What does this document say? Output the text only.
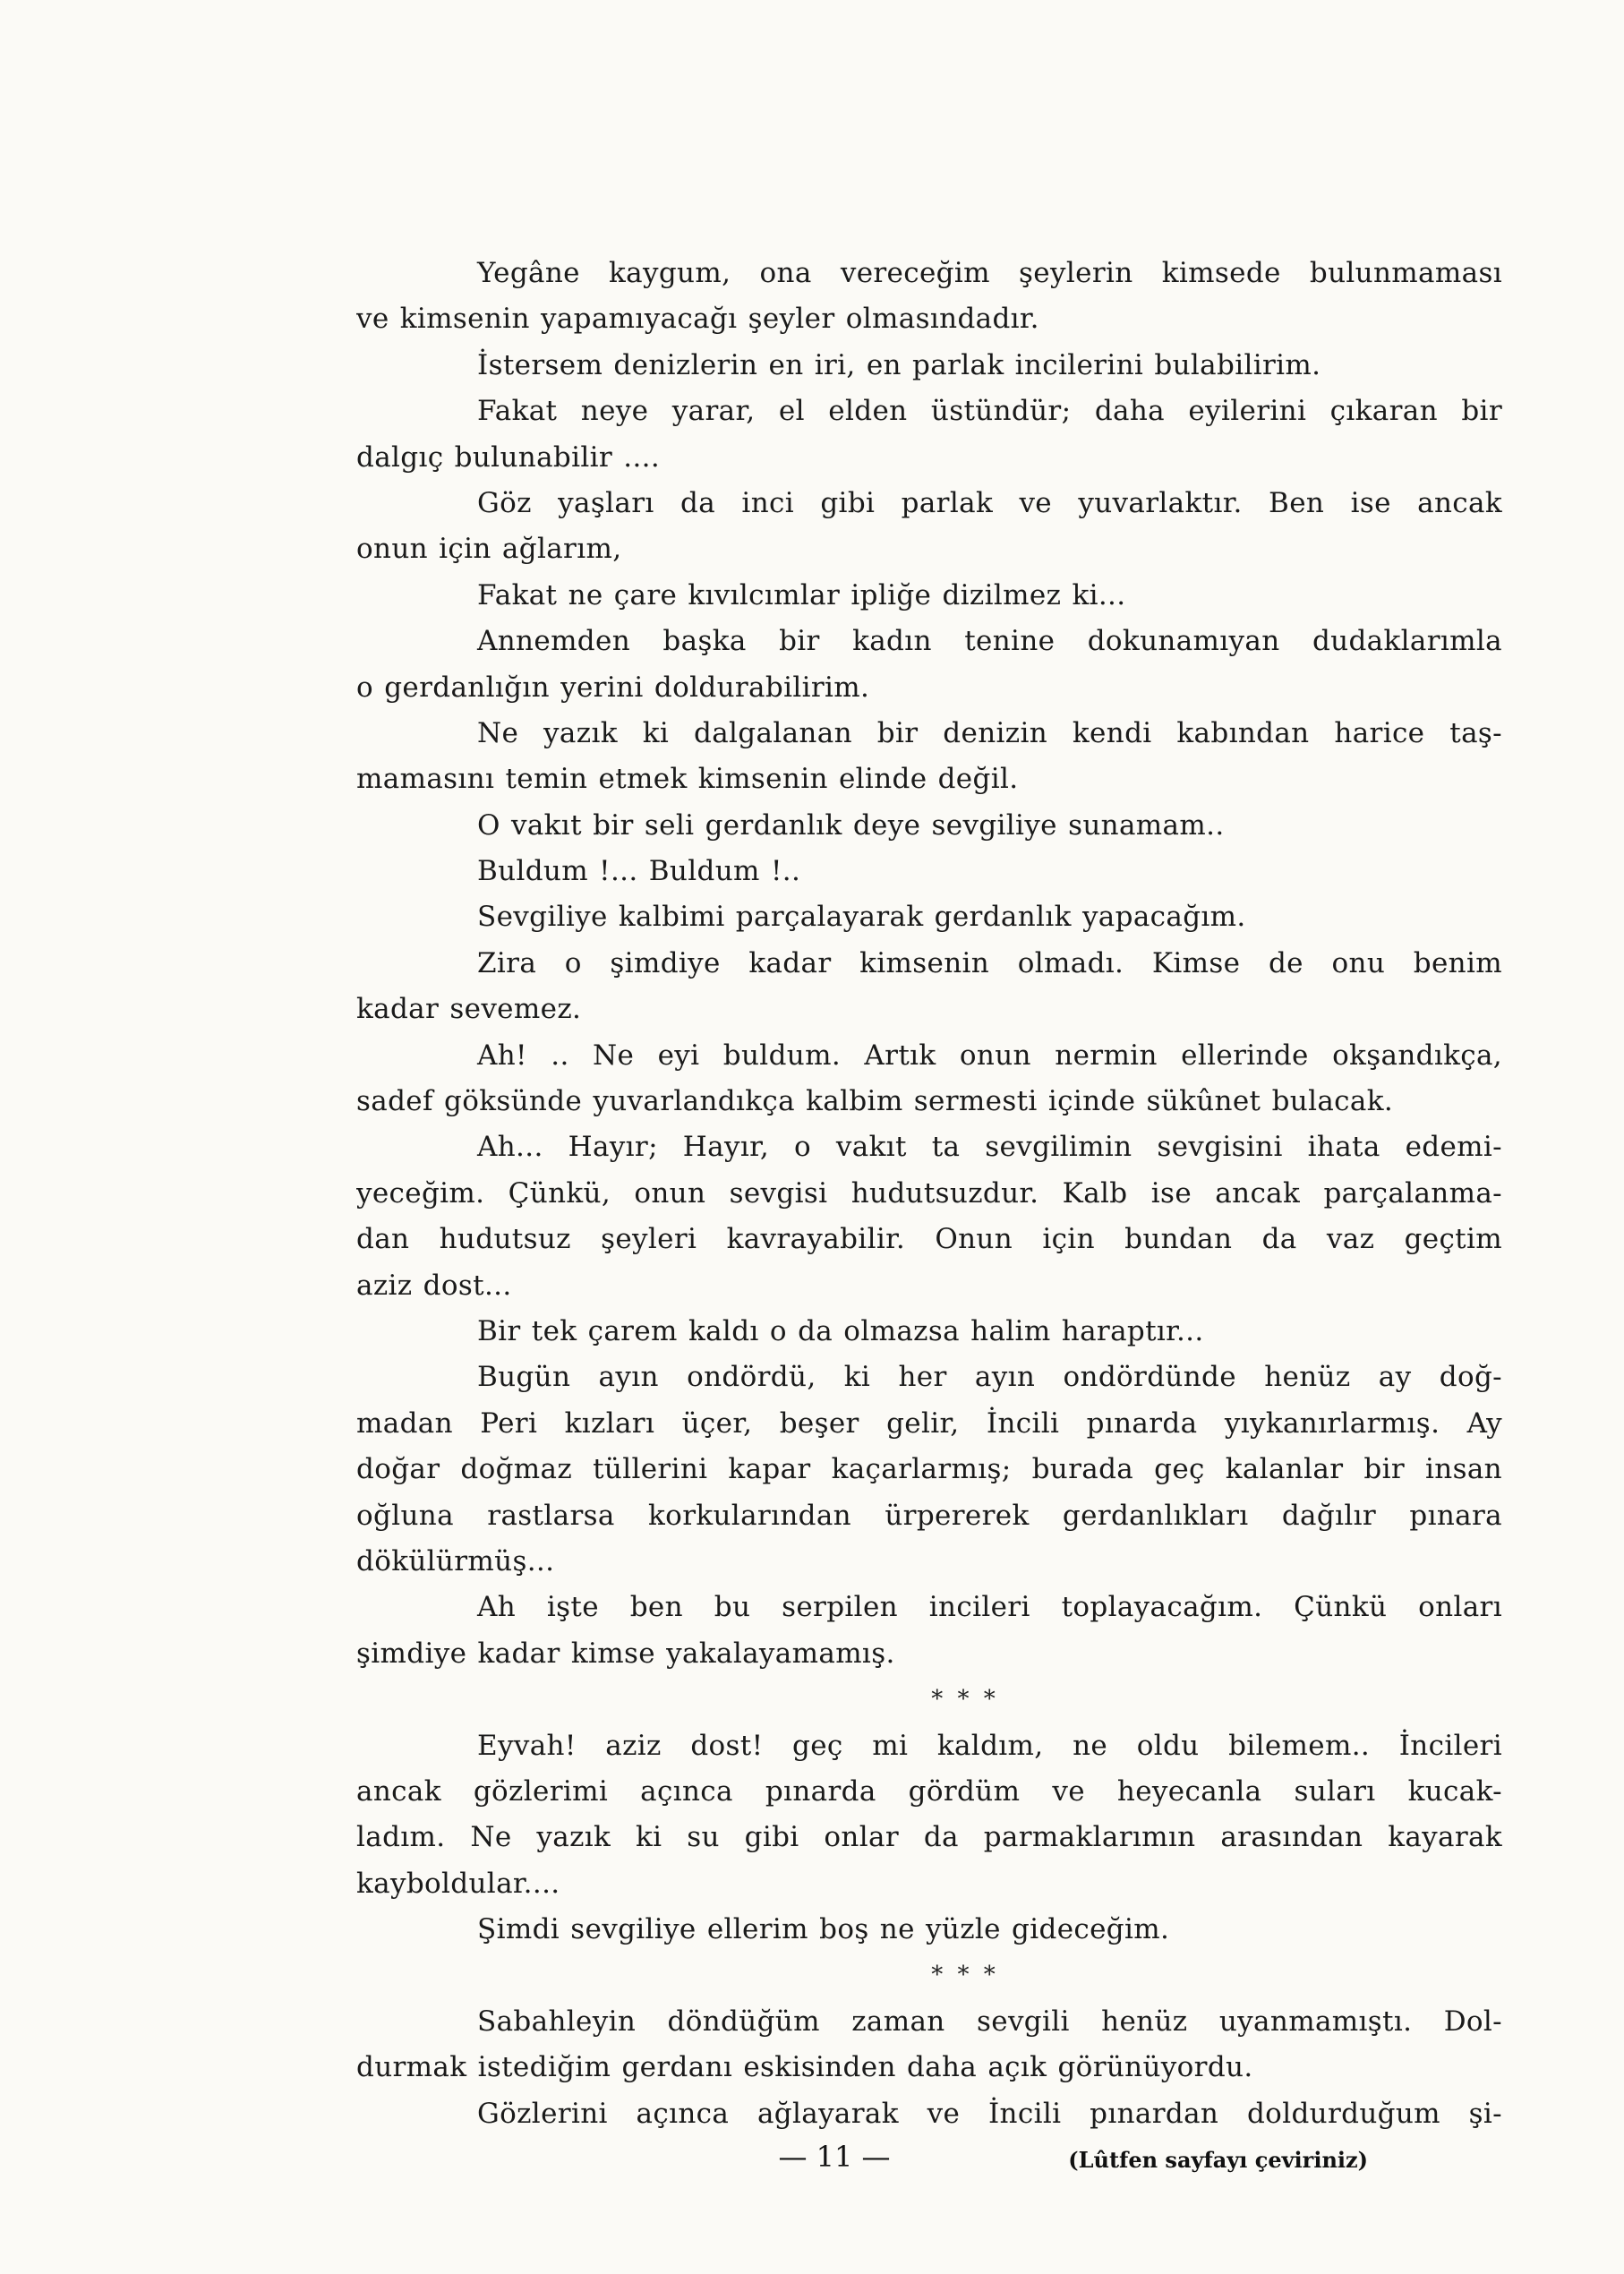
Yegâne kaygum, ona vereceğim şeylerin kimsede bulunmaması
ve kimsenin yapamıyacağı şeyler olmasındadır.
İstersem denizlerin en iri, en parlak incilerini bulabilirim.
Fakat neye yarar, el elden üstündür; daha eyilerini çıkaran bir
dalgıç bulunabilir ....
Göz yaşları da inci gibi parlak ve yuvarlaktır. Ben ise ancak
onun için ağlarım,
Fakat ne çare kıvılcımlar ipliğe dizilmez ki...
Annemden başka bir kadın tenine dokunamıyan dudaklarımla
o gerdanlığın yerini doldurabilirim.
Ne yazık ki dalgalanan bir denizin kendi kabından harice taş-
mamasını temin etmek kimsenin elinde değil.
O vakıt bir seli gerdanlık deye sevgiliye sunamam..
Buldum !... Buldum !..
Sevgiliye kalbimi parçalayarak gerdanlık yapacağım.
Zira o şimdiye kadar kimsenin olmadı. Kimse de onu benim
kadar sevemez.
Ah! .. Ne eyi buldum. Artık onun nermin ellerinde okşandıkça,
sadef göksünde yuvarlandıkça kalbim sermesti içinde sükûnet bulacak.
Ah... Hayır; Hayır, o vakıt ta sevgilimin sevgisini ihata edemi-
yeceğim. Çünkü, onun sevgisi hudutsuzdur. Kalb ise ancak parçalanma-
dan hudutsuz şeyleri kavrayabilir. Onun için bundan da vaz geçtim
aziz dost...
Bir tek çarem kaldı o da olmazsa halim haraptır...
Bugün ayın ondördü, ki her ayın ondördünde henüz ay doğ-
madan Peri kızları üçer, beşer gelir, İncili pınarda yıykanırlarmış. Ay
doğar doğmaz tüllerini kapar kaçarlarmış; burada geç kalanlar bir insan
oğluna rastlarsa korkularından ürpererek gerdanlıkları dağılır pınara
dökülürmüş...
Ah işte ben bu serpilen incileri toplayacağım. Çünkü onları
şimdiye kadar kimse yakalayamamış.
* * *
Eyvah! aziz dost! geç mi kaldım, ne oldu bilemem.. İncileri
ancak gözlerimi açınca pınarda gördüm ve heyecanla suları kucak-
ladım. Ne yazık ki su gibi onlar da parmaklarımın arasından kayarak
kayboldular....
Şimdi sevgiliye ellerim boş ne yüzle gideceğim.
* * *
Sabahleyin döndüğüm zaman sevgili henüz uyanmamıştı. Dol-
durmak istediğim gerdanı eskisinden daha açık görünüyordu.
Gözlerini açınca ağlayarak ve İncili pınardan doldurduğum şi-
(Lûtfen sayfayı çeviriniz)
— 11 —
